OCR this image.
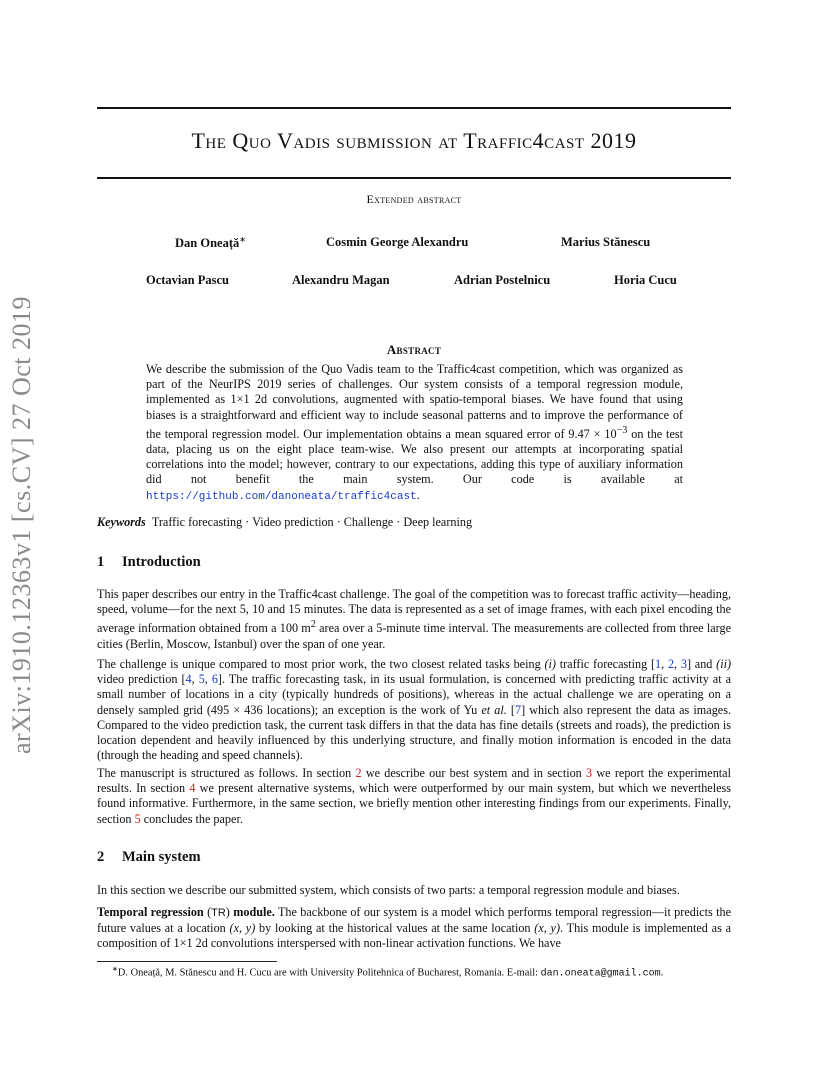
arXiv:1910.12363v1 [cs.CV] 27 Oct 2019
The Quo Vadis submission at Traffic4cast 2019
Extended abstract
Dan Oneață∗	Cosmin George Alexandru	Marius Stănescu
Octavian Pascu	Alexandru Magan	Adrian Postelnicu	Horia Cucu
Abstract
We describe the submission of the Quo Vadis team to the Traffic4cast competition, which was organized as part of the NeurIPS 2019 series of challenges. Our system consists of a temporal regression module, implemented as 1×1 2d convolutions, augmented with spatio-temporal biases. We have found that using biases is a straightforward and efficient way to include seasonal patterns and to improve the performance of the temporal regression model. Our implementation obtains a mean squared error of $9.47 \times 10^{-3}$ on the test data, placing us on the eight place team-wise. We also present our attempts at incorporating spatial correlations into the model; however, contrary to our expectations, adding this type of auxiliary information did not benefit the main system. Our code is available at https://github.com/danoneata/traffic4cast.
Keywords Traffic forecasting · Video prediction · Challenge · Deep learning
1 Introduction
This paper describes our entry in the Traffic4cast challenge. The goal of the competition was to forecast traffic activity—heading, speed, volume—for the next 5, 10 and 15 minutes. The data is represented as a set of image frames, with each pixel encoding the average information obtained from a 100 $m^2$ area over a 5-minute time interval. The measurements are collected from three large cities (Berlin, Moscow, Istanbul) over the span of one year.
The challenge is unique compared to most prior work, the two closest related tasks being (i) traffic forecasting [1, 2, 3] and (ii) video prediction [4, 5, 6]. The traffic forecasting task, in its usual formulation, is concerned with predicting traffic activity at a small number of locations in a city (typically hundreds of positions), whereas in the actual challenge we are operating on a densely sampled grid (495 × 436 locations); an exception is the work of Yu et al. [7] which also represent the data as images. Compared to the video prediction task, the current task differs in that the data has fine details (streets and roads), the prediction is location dependent and heavily influenced by this underlying structure, and finally motion information is encoded in the data (through the heading and speed channels).
The manuscript is structured as follows. In section 2 we describe our best system and in section 3 we report the experimental results. In section 4 we present alternative systems, which were outperformed by our main system, but which we nevertheless found informative. Furthermore, in the same section, we briefly mention other interesting findings from our experiments. Finally, section 5 concludes the paper.
2 Main system
In this section we describe our submitted system, which consists of two parts: a temporal regression module and biases.
Temporal regression (TR) module. The backbone of our system is a model which performs temporal regression—it predicts the future values at a location (x, y) by looking at the historical values at the same location (x, y). This module is implemented as a composition of 1×1 2d convolutions interspersed with non-linear activation functions. We have
∗D. Oneață, M. Stănescu and H. Cucu are with University Politehnica of Bucharest, Romania. E-mail: dan.oneata@gmail.com.
